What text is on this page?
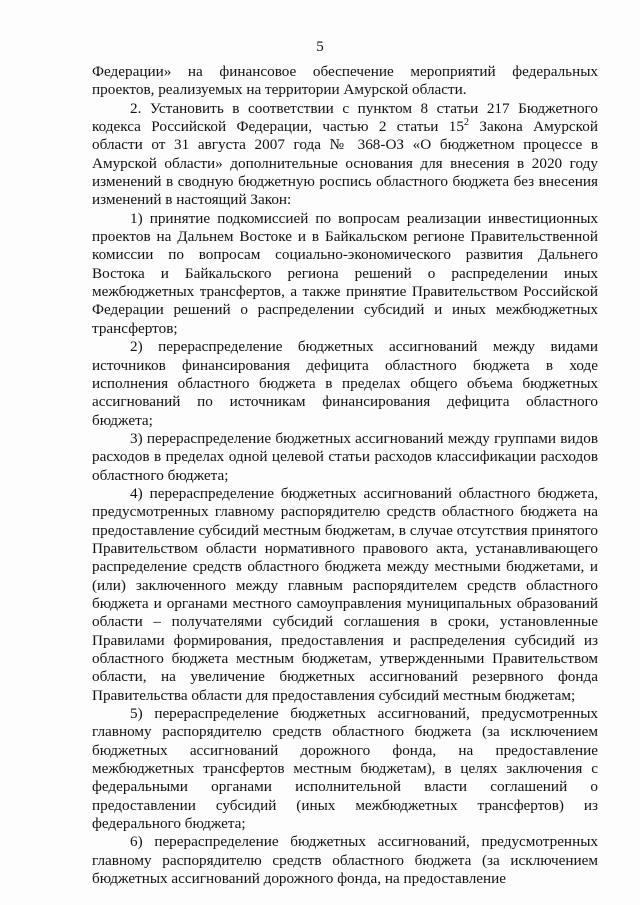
5
Федерации» на финансовое обеспечение мероприятий федеральных
проектов, реализуемых на территории Амурской области.
2. Установить в соответствии с пунктом 8 статьи 217 Бюджетного
кодекса Российской Федерации, частью 2 статьи $15^2$ Закона Амурской
области от 31 августа 2007 года № 368-ОЗ «О бюджетном процессе в
Амурской области» дополнительные основания для внесения в 2020 году
изменений в сводную бюджетную роспись областного бюджета без внесения
изменений в настоящий Закон:
1) принятие подкомиссией по вопросам реализации инвестиционных
проектов на Дальнем Востоке и в Байкальском регионе Правительственной
комиссии по вопросам социально-экономического развития Дальнего
Востока и Байкальского региона решений о распределении иных
межбюджетных трансфертов, а также принятие Правительством Российской
Федерации решений о распределении субсидий и иных межбюджетных
трансфертов;
2) перераспределение бюджетных ассигнований между видами
источников финансирования дефицита областного бюджета в ходе
исполнения областного бюджета в пределах общего объема бюджетных
ассигнований по источникам финансирования дефицита областного
бюджета;
3) перераспределение бюджетных ассигнований между группами видов
расходов в пределах одной целевой статьи расходов классификации расходов
областного бюджета;
4) перераспределение бюджетных ассигнований областного бюджета,
предусмотренных главному распорядителю средств областного бюджета на
предоставление субсидий местным бюджетам, в случае отсутствия принятого
Правительством области нормативного правового акта, устанавливающего
распределение средств областного бюджета между местными бюджетами, и
(или) заключенного между главным распорядителем средств областного
бюджета и органами местного самоуправления муниципальных образований
области – получателями субсидий соглашения в сроки, установленные
Правилами формирования, предоставления и распределения субсидий из
областного бюджета местным бюджетам, утвержденными Правительством
области, на увеличение бюджетных ассигнований резервного фонда
Правительства области для предоставления субсидий местным бюджетам;
5) перераспределение бюджетных ассигнований, предусмотренных
главному распорядителю средств областного бюджета (за исключением
бюджетных ассигнований дорожного фонда, на предоставление
межбюджетных трансфертов местным бюджетам), в целях заключения с
федеральными органами исполнительной власти соглашений о
предоставлении субсидий (иных межбюджетных трансфертов) из
федерального бюджета;
6) перераспределение бюджетных ассигнований, предусмотренных
главному распорядителю средств областного бюджета (за исключением
бюджетных ассигнований дорожного фонда, на предоставление
